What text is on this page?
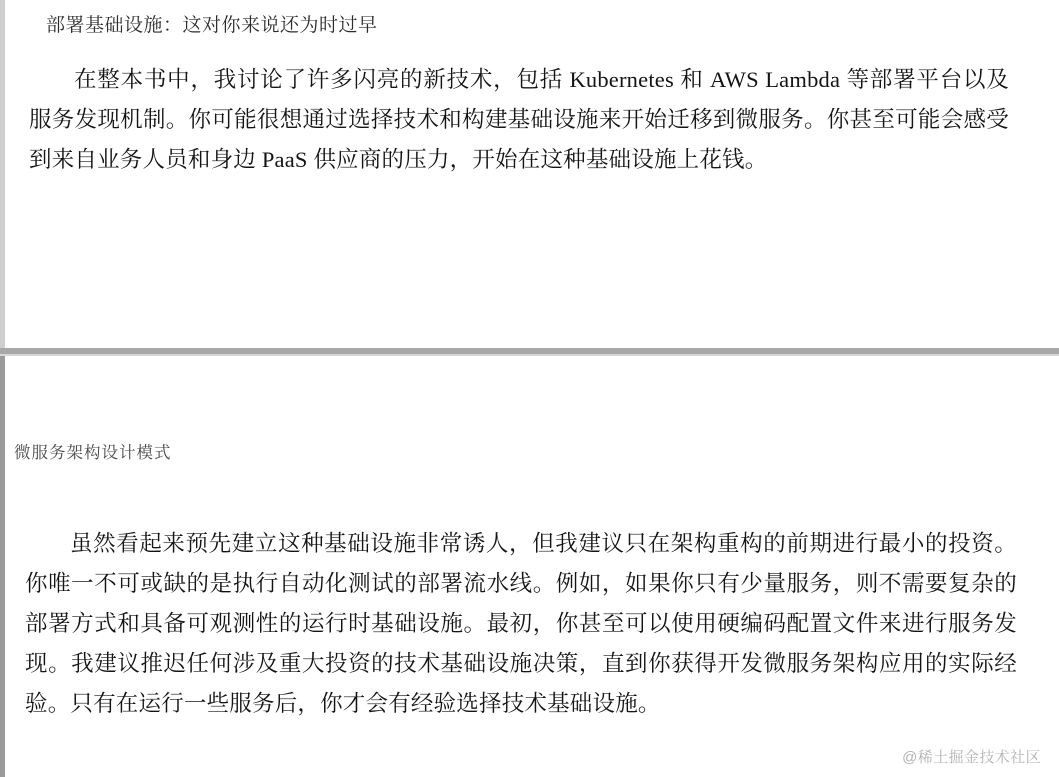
部署基础设施：这对你来说还为时过早

在整本书中，我讨论了许多闪亮的新技术，包括 Kubernetes 和 AWS Lambda 等部署平台以及服务发现机制。你可能很想通过选择技术和构建基础设施来开始迁移到微服务。你甚至可能会感受到来自业务人员和身边 PaaS 供应商的压力，开始在这种基础设施上花钱。

微服务架构设计模式

虽然看起来预先建立这种基础设施非常诱人，但我建议只在架构重构的前期进行最小的投资。你唯一不可或缺的是执行自动化测试的部署流水线。例如，如果你只有少量服务，则不需要复杂的部署方式和具备可观测性的运行时基础设施。最初，你甚至可以使用硬编码配置文件来进行服务发现。我建议推迟任何涉及重大投资的技术基础设施决策，直到你获得开发微服务架构应用的实际经验。只有在运行一些服务后，你才会有经验选择技术基础设施。

@稀土掘金技术社区
